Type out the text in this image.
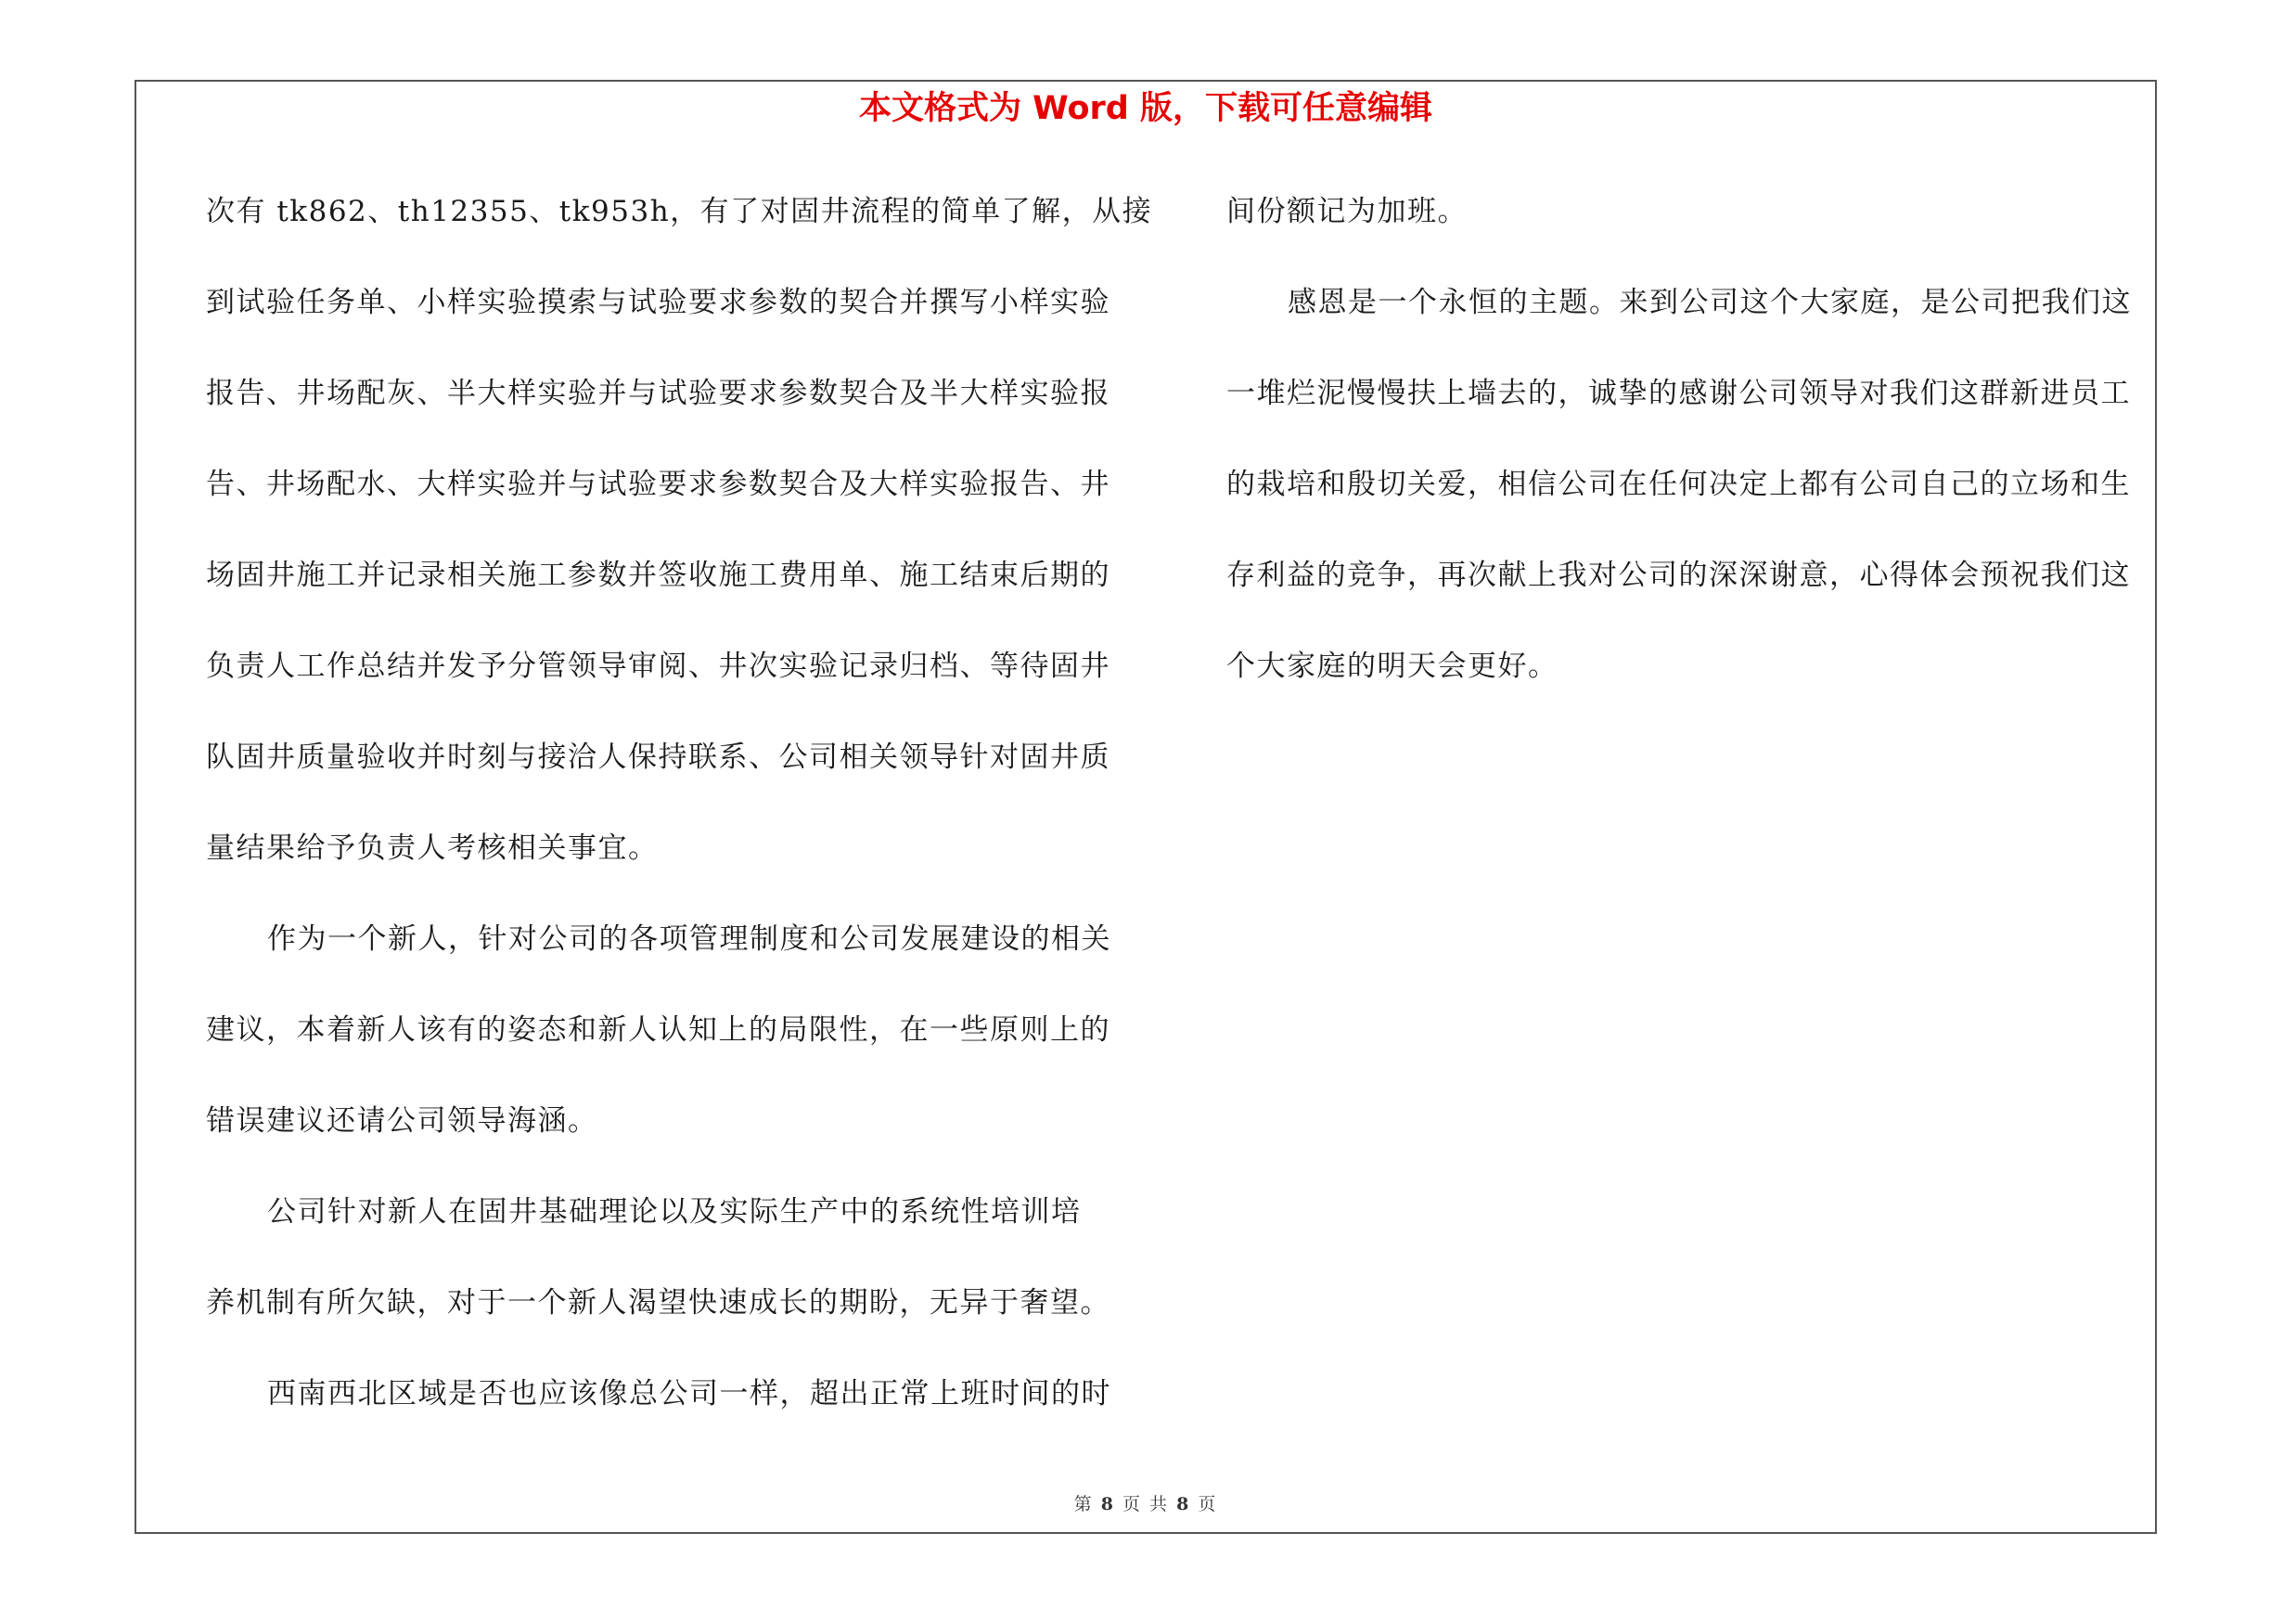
本文格式为 Word 版，下载可任意编辑
次有 tk862、th12355、tk953h，有了对固井流程的简单了解，从接
到试验任务单、小样实验摸索与试验要求参数的契合并撰写小样实验
报告、井场配灰、半大样实验并与试验要求参数契合及半大样实验报
告、井场配水、大样实验并与试验要求参数契合及大样实验报告、井
场固井施工并记录相关施工参数并签收施工费用单、施工结束后期的
负责人工作总结并发予分管领导审阅、井次实验记录归档、等待固井
队固井质量验收并时刻与接洽人保持联系、公司相关领导针对固井质
量结果给予负责人考核相关事宜。
作为一个新人，针对公司的各项管理制度和公司发展建设的相关
建议，本着新人该有的姿态和新人认知上的局限性，在一些原则上的
错误建议还请公司领导海涵。
公司针对新人在固井基础理论以及实际生产中的系统性培训培
养机制有所欠缺，对于一个新人渴望快速成长的期盼，无异于奢望。
西南西北区域是否也应该像总公司一样，超出正常上班时间的时
间份额记为加班。
感恩是一个永恒的主题。来到公司这个大家庭，是公司把我们这
一堆烂泥慢慢扶上墙去的，诚挚的感谢公司领导对我们这群新进员工
的栽培和殷切关爱，相信公司在任何决定上都有公司自己的立场和生
存利益的竞争，再次献上我对公司的深深谢意，心得体会预祝我们这
个大家庭的明天会更好。
第 8 页 共 8 页
